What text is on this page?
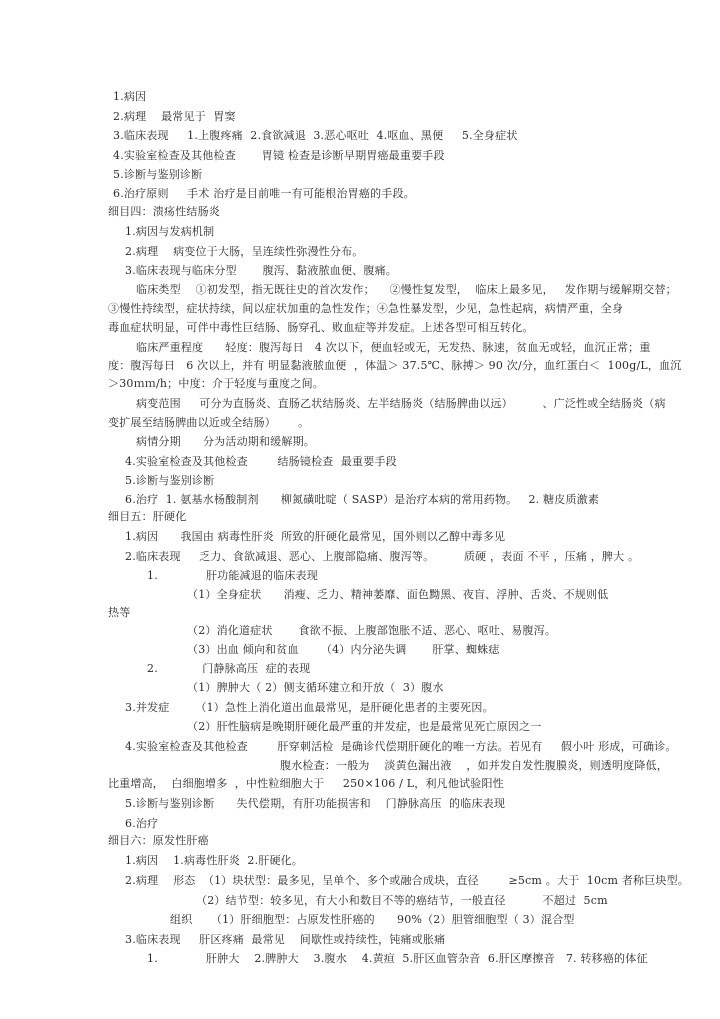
1.病因
2.病理    最常见于  胃窦
3.临床表现     1.上腹疼痛  2.食欲减退  3.恶心呕吐  4.呕血、黑便     5.全身症状
4.实验室检查及其他检查       胃镜 检查是诊断早期胃癌最重要手段
5.诊断与鉴别诊断
6.治疗原则     手术 治疗是目前唯一有可能根治胃癌的手段。
细目四：溃疡性结肠炎
1.病因与发病机制
2.病理    病变位于大肠，呈连续性弥漫性分布。
3.临床表现与临床分型       腹泻、黏液脓血便、腹痛。
临床类型    ①初发型，指无既往史的首次发作；    ②慢性复发型，  临床上最多见，   发作期与缓解期交替；
③慢性持续型，症状持续，间以症状加重的急性发作；④急性暴发型，少见，急性起病，病情严重，全身
毒血症状明显，可伴中毒性巨结肠、肠穿孔、败血症等并发症。上述各型可相互转化。
临床严重程度      轻度：腹泻每日   4 次以下，便血轻或无，无发热、脉速，贫血无或轻，血沉正常；重
度：腹泻每日   6 次以上，并有 明显黏液脓血便  ，体温＞ 37.5℃、脉搏＞ 90 次/分，血红蛋白＜  100g/L，血沉
＞30ｍｍ/h；中度：介于轻度与重度之间。
病变范围     可分为直肠炎、直肠乙状结肠炎、左半结肠炎（结肠脾曲以远）        、广泛性或全结肠炎（病
变扩展至结肠脾曲以近或全结肠）      。
病情分期      分为活动期和缓解期。
4.实验室检查及其他检查        结肠镜检查  最重要手段
5.诊断与鉴别诊断
6.治疗  1. 氨基水杨酸制剂      柳氮磺吡啶（ SASP）是治疗本病的常用药物。   2. 糖皮质激素
细目五：肝硬化
1.病因      我国由 病毒性肝炎  所致的肝硬化最常见，国外则以乙醇中毒多见
2.临床表现     乏力、食欲减退、恶心、上腹部隐痛、腹泻等。        质硬 ，表面 不平 ，压痛 ，脾大 。
1.             肝功能减退的临床表现
（1）全身症状      消瘦、乏力、精神萎靡、面色黝黑、夜盲、浮肿、舌炎、不规则低
热等
（2）消化道症状       食欲不振、上腹部饱胀不适、恶心、呕吐、易腹泻。
（3）出血 倾向和贫血      （4）内分泌失调       肝掌、蜘蛛痣
2.            门静脉高压  症的表现
（1）脾肿大（ 2）侧支循环建立和开放（  3）腹水
3.并发症       （1）急性上消化道出血最常见，是肝硬化患者的主要死因。
（2）肝性脑病是晚期肝硬化最严重的并发症，也是最常见死亡原因之一
4.实验室检查及其他检查        肝穿刺活检  是确诊代偿期肝硬化的唯一方法。若见有     假小叶 形成，可确诊。
腹水检查：一般为    淡黄色漏出液    ，如并发自发性腹膜炎，则透明度降低，
比重增高，  白细胞增多  ，中性粒细胞大于     250×106 / L，利凡他试验阳性
5.诊断与鉴别诊断      失代偿期，有肝功能损害和    门静脉高压  的临床表现
6.治疗
细目六：原发性肝癌
1.病因    1.病毒性肝炎  2.肝硬化。
2.病理    形态  （1）块状型：最多见，呈单个、多个或融合成块，直径        ≥5cm 。大于  10cm 者称巨块型。
（2）结节型：较多见，有大小和数目不等的癌结节，一般直径          不超过  5cm
组织     （1）肝细胞型：占原发性肝癌的      90%（2）胆管细胞型（ 3）混合型
3.临床表现     肝区疼痛  最常见    间歇性或持续性，钝痛或胀痛
1.             肝肿大    2.脾肿大    3.腹水    4.黄疸  5.肝区血管杂音  6.肝区摩擦音   7. 转移癌的体征
